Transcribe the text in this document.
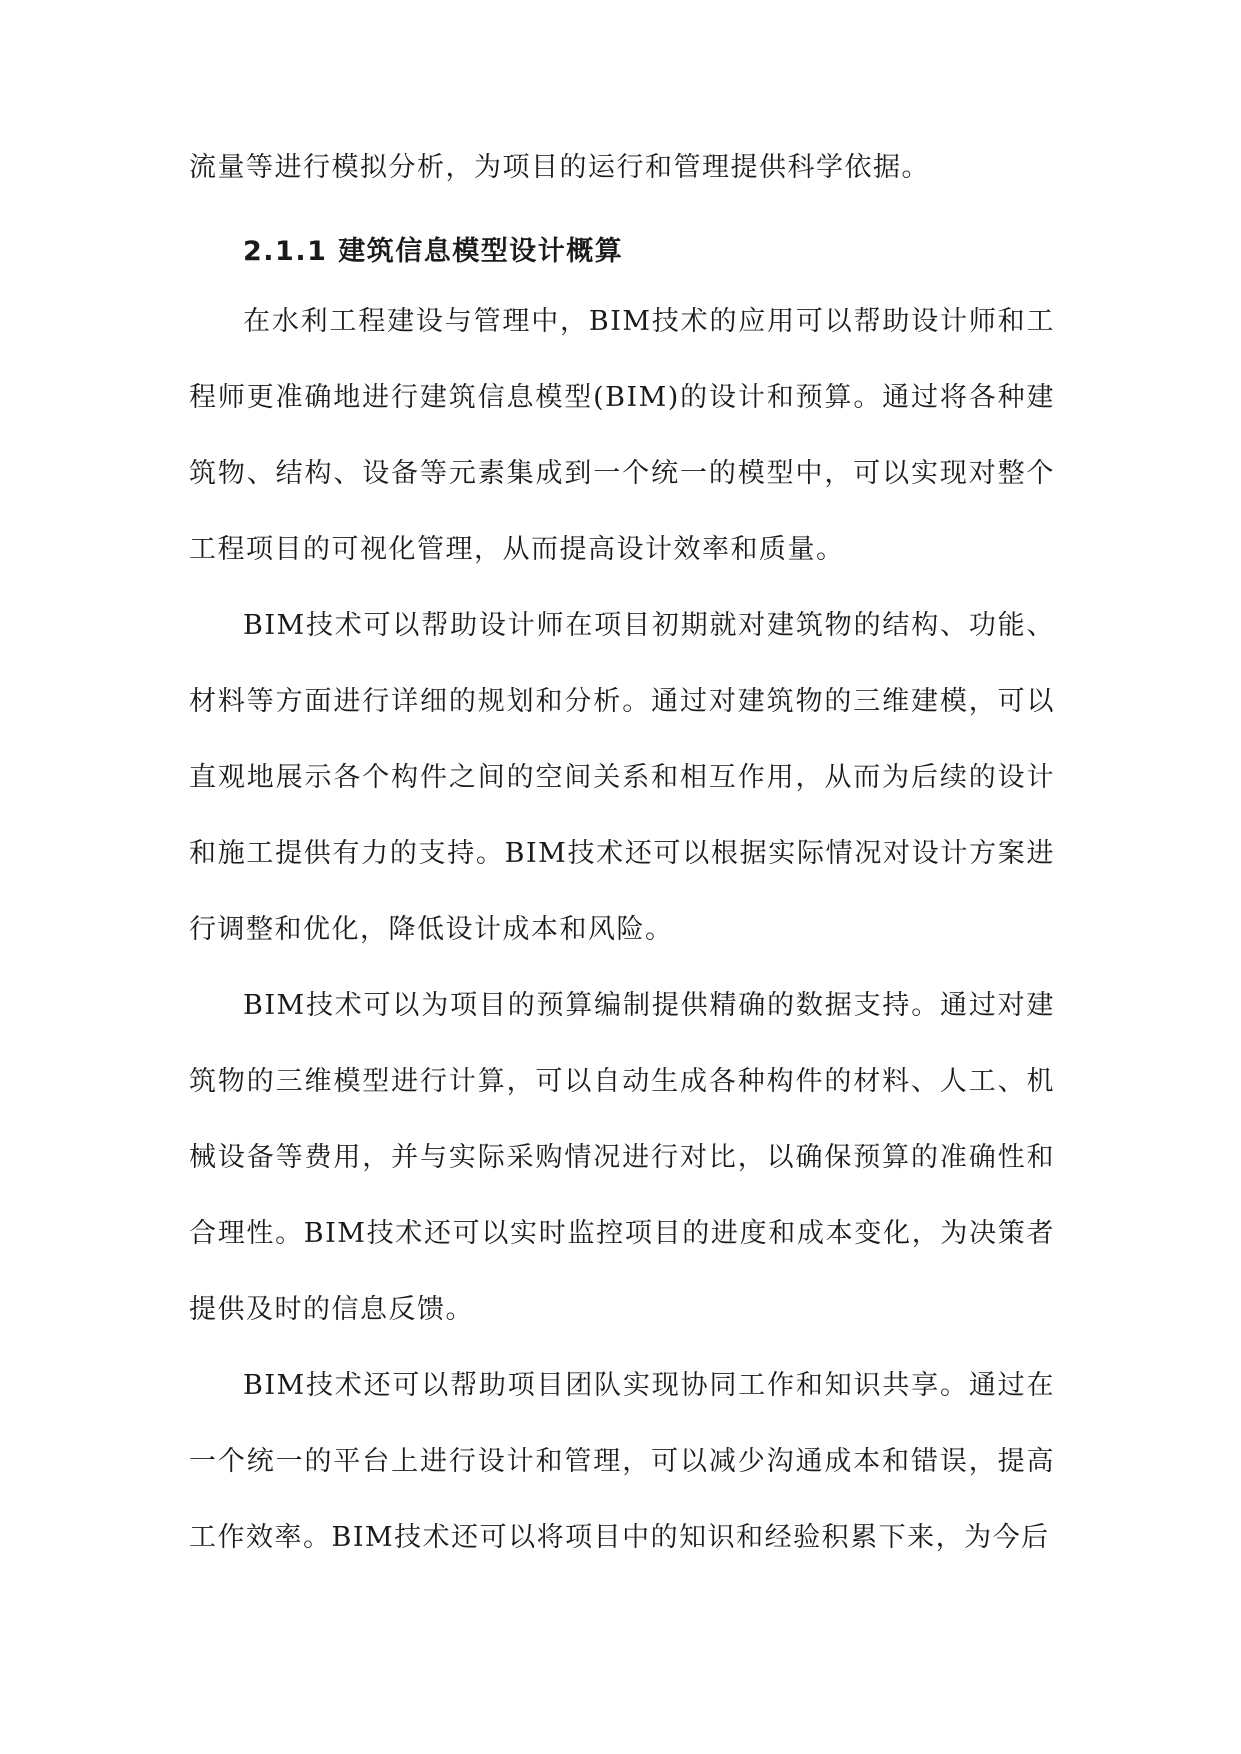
流量等进行模拟分析，为项目的运行和管理提供科学依据。

2.1.1 建筑信息模型设计概算

在水利工程建设与管理中，BIM技术的应用可以帮助设计师和工程师更准确地进行建筑信息模型(BIM)的设计和预算。通过将各种建筑物、结构、设备等元素集成到一个统一的模型中，可以实现对整个工程项目的可视化管理，从而提高设计效率和质量。

BIM技术可以帮助设计师在项目初期就对建筑物的结构、功能、材料等方面进行详细的规划和分析。通过对建筑物的三维建模，可以直观地展示各个构件之间的空间关系和相互作用，从而为后续的设计和施工提供有力的支持。BIM技术还可以根据实际情况对设计方案进行调整和优化，降低设计成本和风险。

BIM技术可以为项目的预算编制提供精确的数据支持。通过对建筑物的三维模型进行计算，可以自动生成各种构件的材料、人工、机械设备等费用，并与实际采购情况进行对比，以确保预算的准确性和合理性。BIM技术还可以实时监控项目的进度和成本变化，为决策者提供及时的信息反馈。

BIM技术还可以帮助项目团队实现协同工作和知识共享。通过在一个统一的平台上进行设计和管理，可以减少沟通成本和错误，提高工作效率。BIM技术还可以将项目中的知识和经验积累下来，为今后
